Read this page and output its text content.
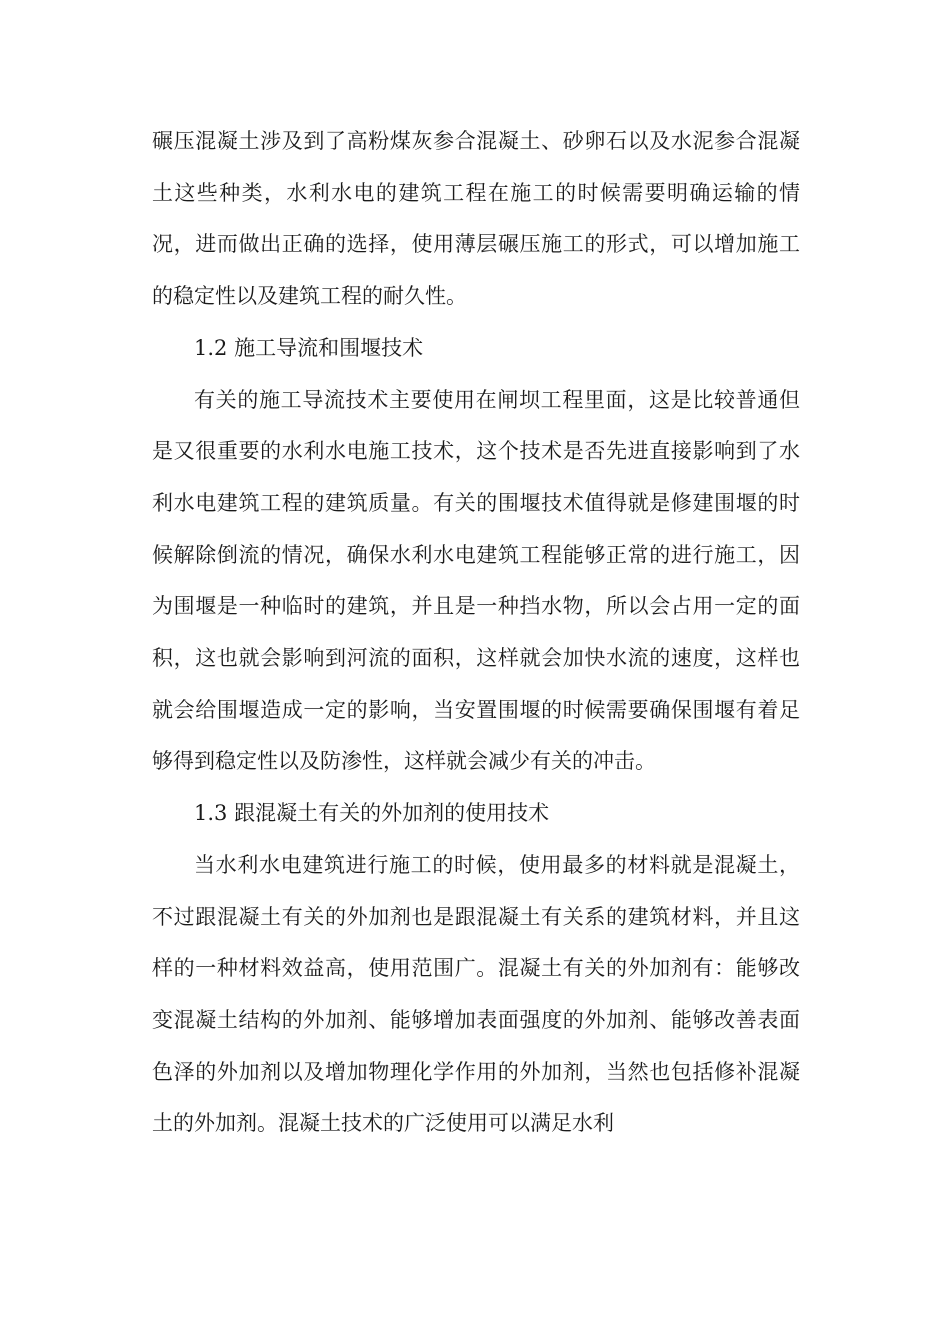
碾压混凝土涉及到了高粉煤灰参合混凝土、砂卵石以及水泥参合混凝土这些种类，水利水电的建筑工程在施工的时候需要明确运输的情况，进而做出正确的选择，使用薄层碾压施工的形式，可以增加施工的稳定性以及建筑工程的耐久性。

1.2 施工导流和围堰技术

有关的施工导流技术主要使用在闸坝工程里面，这是比较普通但是又很重要的水利水电施工技术，这个技术是否先进直接影响到了水利水电建筑工程的建筑质量。有关的围堰技术值得就是修建围堰的时候解除倒流的情况，确保水利水电建筑工程能够正常的进行施工，因为围堰是一种临时的建筑，并且是一种挡水物，所以会占用一定的面积，这也就会影响到河流的面积，这样就会加快水流的速度，这样也就会给围堰造成一定的影响，当安置围堰的时候需要确保围堰有着足够得到稳定性以及防渗性，这样就会减少有关的冲击。

1.3 跟混凝土有关的外加剂的使用技术

当水利水电建筑进行施工的时候，使用最多的材料就是混凝土，不过跟混凝土有关的外加剂也是跟混凝土有关系的建筑材料，并且这样的一种材料效益高，使用范围广。混凝土有关的外加剂有：能够改变混凝土结构的外加剂、能够增加表面强度的外加剂、能够改善表面色泽的外加剂以及增加物理化学作用的外加剂，当然也包括修补混凝土的外加剂。混凝土技术的广泛使用可以满足水利
